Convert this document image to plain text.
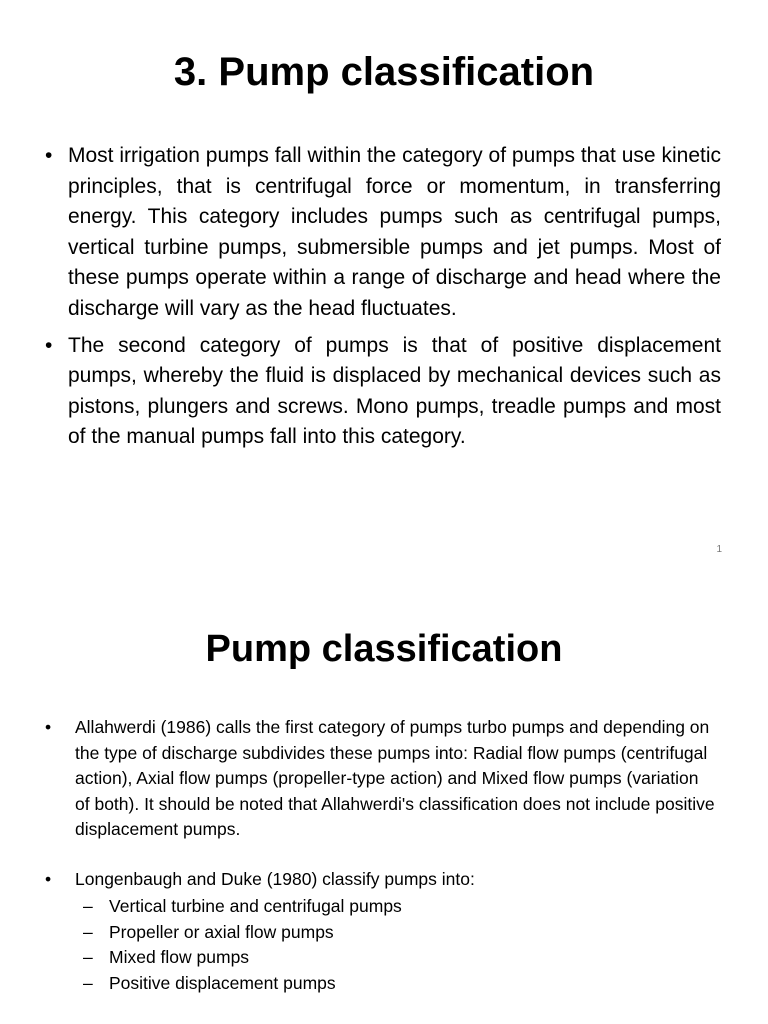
3. Pump classification
• Most irrigation pumps fall within the category of pumps that use kinetic principles, that is centrifugal force or momentum, in transferring energy. This category includes pumps such as centrifugal pumps, vertical turbine pumps, submersible pumps and jet pumps. Most of these pumps operate within a range of discharge and head where the discharge will vary as the head fluctuates.
• The second category of pumps is that of positive displacement pumps, whereby the fluid is displaced by mechanical devices such as pistons, plungers and screws. Mono pumps, treadle pumps and most of the manual pumps fall into this category.
1
Pump classification
• Allahwerdi (1986) calls the first category of pumps turbo pumps and depending on the type of discharge subdivides these pumps into: Radial flow pumps (centrifugal action), Axial flow pumps (propeller-type action) and Mixed flow pumps (variation of both). It should be noted that Allahwerdi's classification does not include positive displacement pumps.
• Longenbaugh and Duke (1980) classify pumps into:
– Vertical turbine and centrifugal pumps
– Propeller or axial flow pumps
– Mixed flow pumps
– Positive displacement pumps
